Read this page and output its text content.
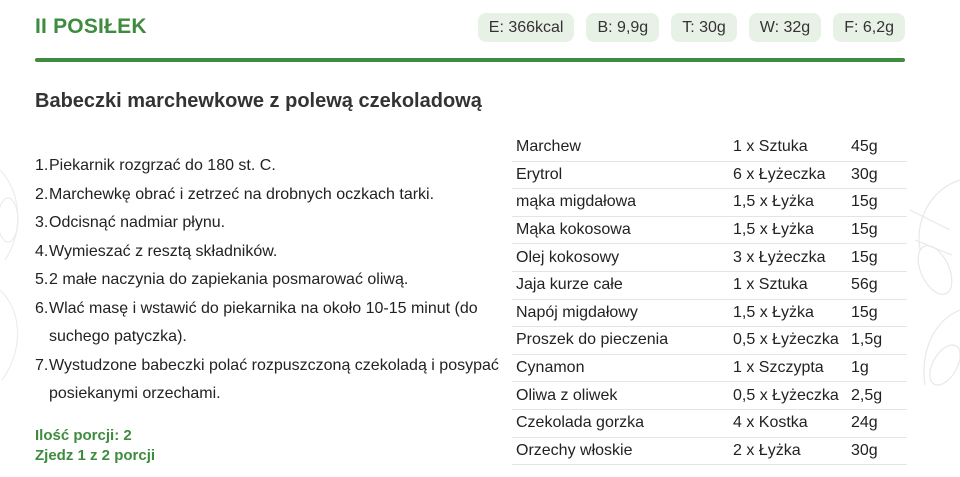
II POSIŁEK	E: 366kcal	B: 9,9g	T: 30g	W: 32g	F: 6,2g
Babeczki marchewkowe z polewą czekoladową
1. Piekarnik rozgrzać do 180 st. C.
2. Marchewkę obrać i zetrzeć na drobnych oczkach tarki.
3. Odcisnąć nadmiar płynu.
4. Wymieszać z resztą składników.
5. 2 małe naczynia do zapiekania posmarować oliwą.
6. Wlać masę i wstawić do piekarnika na około 10-15 minut (do suchego patyczka).
7. Wystudzone babeczki polać rozpuszczoną czekoladą i posypać posiekanymi orzechami.
Ilość porcji: 2
Zjedz 1 z 2 porcji
Marchew	1 x Sztuka	45g
Erytrol	6 x Łyżeczka	30g
mąka migdałowa	1,5 x Łyżka	15g
Mąka kokosowa	1,5 x Łyżka	15g
Olej kokosowy	3 x Łyżeczka	15g
Jaja kurze całe	1 x Sztuka	56g
Napój migdałowy	1,5 x Łyżka	15g
Proszek do pieczenia	0,5 x Łyżeczka	1,5g
Cynamon	1 x Szczypta	1g
Oliwa z oliwek	0,5 x Łyżeczka	2,5g
Czekolada gorzka	4 x Kostka	24g
Orzechy włoskie	2 x Łyżka	30g
